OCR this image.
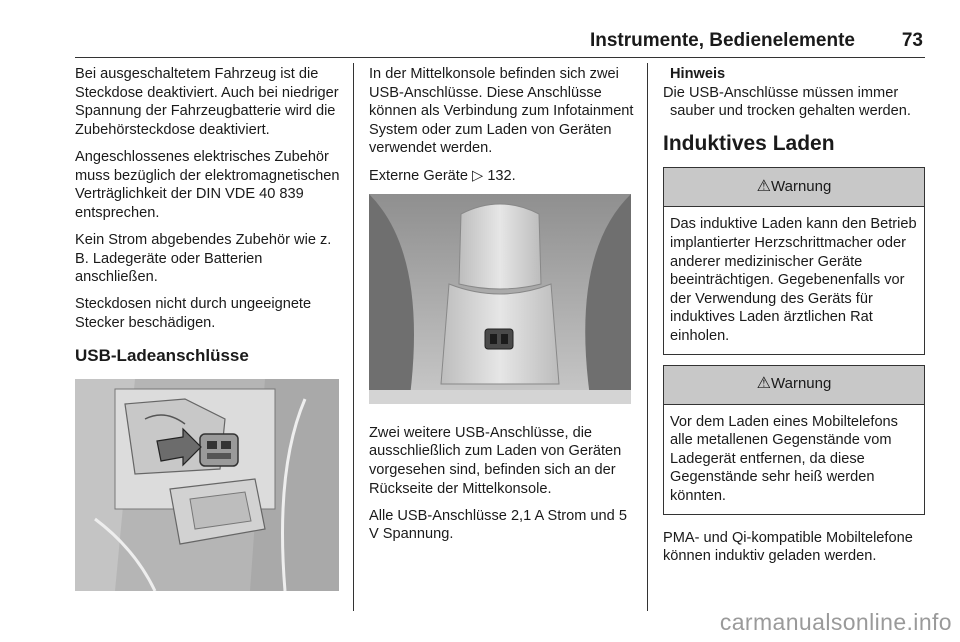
Instrumente, Bedienelemente 73

Bei ausgeschaltetem Fahrzeug ist die Steckdose deaktiviert. Auch bei niedriger Spannung der Fahrzeugbatterie wird die Zubehörsteckdose deaktiviert.

Angeschlossenes elektrisches Zubehör muss bezüglich der elektromagnetischen Verträglichkeit der DIN VDE 40 839 entsprechen.

Kein Strom abgebendes Zubehör wie z. B. Ladegeräte oder Batterien anschließen.

Steckdosen nicht durch ungeeignete Stecker beschädigen.

USB-Ladeanschlüsse

In der Mittelkonsole befinden sich zwei USB-Anschlüsse. Diese Anschlüsse können als Verbindung zum Infotainment System oder zum Laden von Geräten verwendet werden.

Externe Geräte ▷ 132.

Zwei weitere USB-Anschlüsse, die ausschließlich zum Laden von Geräten vorgesehen sind, befinden sich an der Rückseite der Mittelkonsole.

Alle USB-Anschlüsse 2,1 A Strom und 5 V Spannung.

Hinweis
Die USB-Anschlüsse müssen immer sauber und trocken gehalten werden.
Induktives Laden
⚠ Warnung
Das induktive Laden kann den Betrieb implantierter Herzschrittmacher oder anderer medizinischer Geräte beeinträchtigen. Gegebenenfalls vor der Verwendung des Geräts für induktives Laden ärztlichen Rat einholen.
⚠ Warnung
Vor dem Laden eines Mobiltelefons alle metallenen Gegenstände vom Ladegerät entfernen, da diese Gegenstände sehr heiß werden könnten.

PMA- und Qi-kompatible Mobiltelefone können induktiv geladen werden.

carmanualsonline.info
